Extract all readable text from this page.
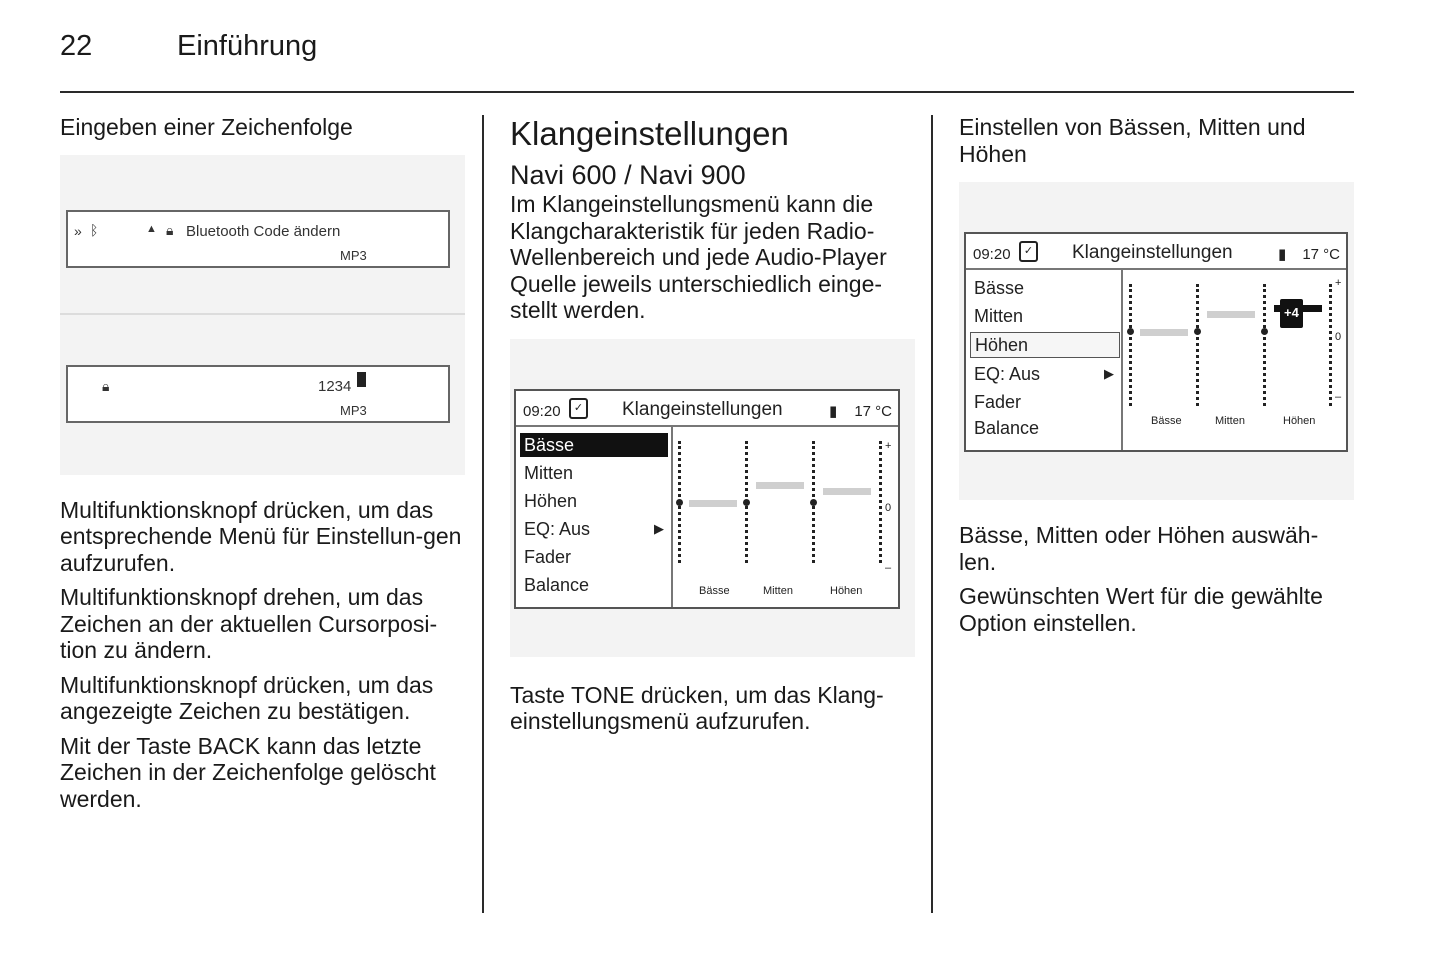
22	Einführung
Eingeben einer Zeichenfolge
» ᛒ	▲ 🔒︎ Bluetooth Code ändern
MP3
🔒︎	1234
MP3

Multifunktionsknopf drücken, um das entsprechende Menü für Einstellun-gen aufzurufen.

Multifunktionsknopf drehen, um das Zeichen an der aktuellen Cursorposi-tion zu ändern.

Multifunktionsknopf drücken, um das angezeigte Zeichen zu bestätigen.

Mit der Taste BACK kann das letzte Zeichen in der Zeichenfolge gelöscht werden.

Klangeinstellungen
Navi 600 / Navi 900

Im Klangeinstellungsmenü kann die Klangcharakteristik für jeden Radio-Wellenbereich und jede Audio-Player Quelle jeweils unterschiedlich einge-stellt werden.

09:20	✓ Klangeinstellungen	▮ 17 °C
Bässe
Mitten
Höhen
EQ: Aus	▶
Fader
Balance
+
0
–
Bässe	Mitten	Höhen

Taste TONE drücken, um das Klang-einstellungsmenü aufzurufen.

Einstellen von Bässen, Mitten und Höhen
09:20	✓ Klangeinstellungen	▮ 17 °C
Bässe
Mitten
Höhen
EQ: Aus	▶
Fader
Balance
+
0
–
+4
Bässe	Mitten	Höhen

Bässe, Mitten oder Höhen auswäh-len.

Gewünschten Wert für die gewählte Option einstellen.
